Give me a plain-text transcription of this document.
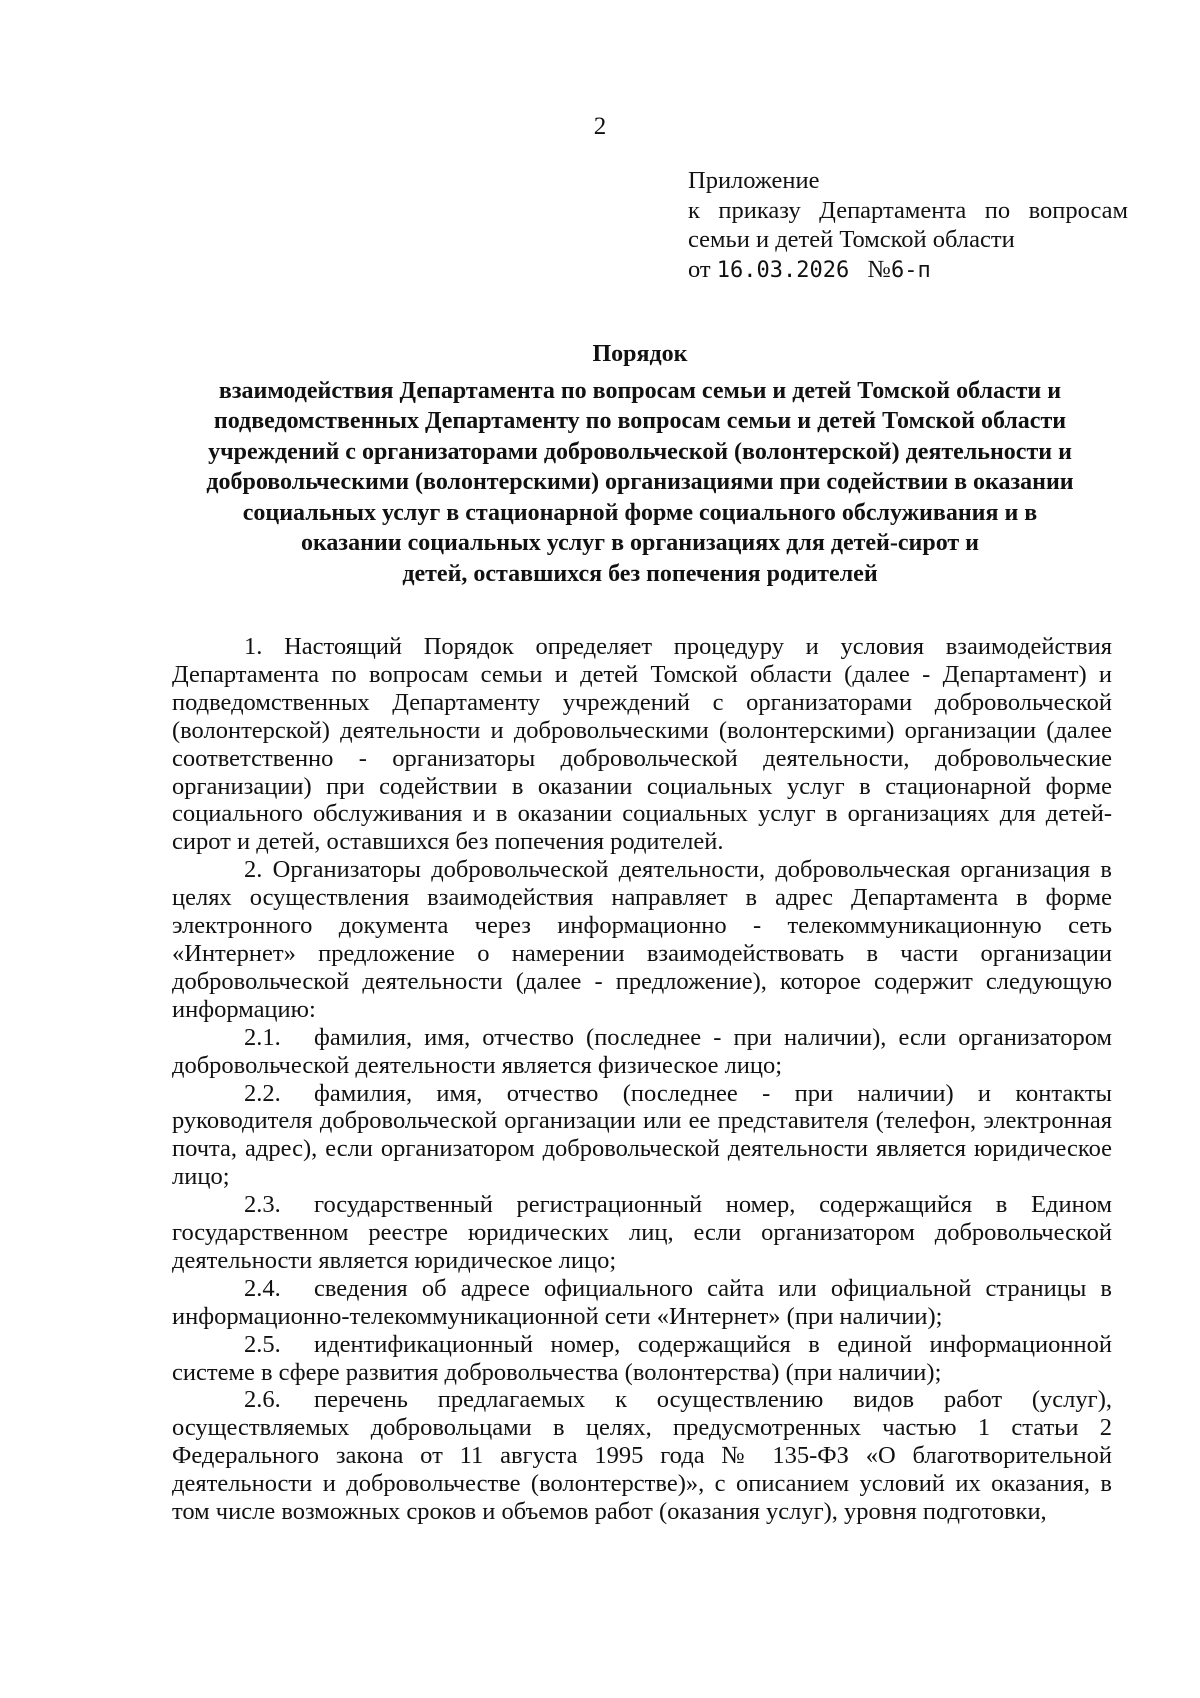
2
Приложение
к приказу Департамента по вопросам
семьи и детей Томской области
от 16.03.2026 №6-п
Порядок
взаимодействия Департамента по вопросам семьи и детей Томской области и
подведомственных Департаменту по вопросам семьи и детей Томской области
учреждений с организаторами добровольческой (волонтерской) деятельности и
добровольческими (волонтерскими) организациями при содействии в оказании
социальных услуг в стационарной форме социального обслуживания и в
оказании социальных услуг в организациях для детей-сирот и
детей, оставшихся без попечения родителей

1. Настоящий Порядок определяет процедуру и условия взаимодействия Департамента по вопросам семьи и детей Томской области (далее - Департамент) и подведомственных Департаменту учреждений с организаторами добровольческой (волонтерской) деятельности и добровольческими (волонтерскими) организации (далее соответственно - организаторы добровольческой деятельности, добровольческие организации) при содействии в оказании социальных услуг в стационарной форме социального обслуживания и в оказании социальных услуг в организациях для детей-сирот и детей, оставшихся без попечения родителей.

2. Организаторы добровольческой деятельности, добровольческая организация в целях осуществления взаимодействия направляет в адрес Департамента в форме электронного документа через информационно - телекоммуникационную сеть «Интернет» предложение о намерении взаимодействовать в части организации добровольческой деятельности (далее - предложение), которое содержит следующую информацию:

2.1. фамилия, имя, отчество (последнее - при наличии), если организатором добровольческой деятельности является физическое лицо;

2.2. фамилия, имя, отчество (последнее - при наличии) и контакты руководителя добровольческой организации или ее представителя (телефон, электронная почта, адрес), если организатором добровольческой деятельности является юридическое лицо;

2.3. государственный регистрационный номер, содержащийся в Едином государственном реестре юридических лиц, если организатором добровольческой деятельности является юридическое лицо;

2.4. сведения об адресе официального сайта или официальной страницы в информационно-телекоммуникационной сети «Интернет» (при наличии);

2.5. идентификационный номер, содержащийся в единой информационной системе в сфере развития добровольчества (волонтерства) (при наличии);

2.6. перечень предлагаемых к осуществлению видов работ (услуг), осуществляемых добровольцами в целях, предусмотренных частью 1 статьи 2 Федерального закона от 11 августа 1995 года № 135-ФЗ «О благотворительной деятельности и добровольчестве (волонтерстве)», с описанием условий их оказания, в том числе возможных сроков и объемов работ (оказания услуг), уровня подготовки,
